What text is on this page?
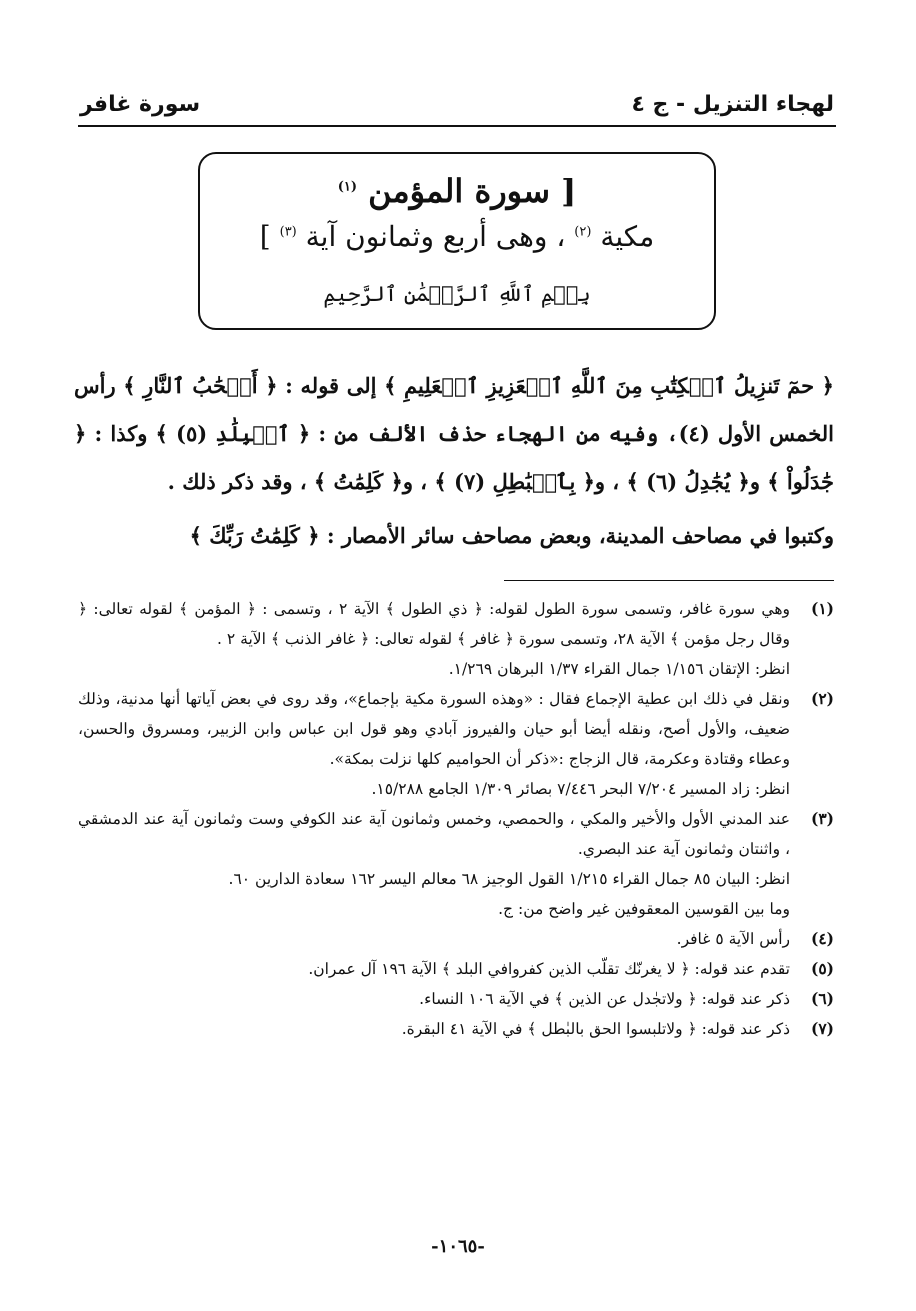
لهجاء التنزيل - ج ٤
سورة غافر
[ سورة المؤمن $^{(١)}$
مكية $^{(٢)}$ ، وهى أربع وثمانون آية $^{(٣)}$ ]
بِسۡمِ ٱللَّهِ ٱلرَّحۡمَٰنِ ٱلرَّحِيمِ

﴿ حمٓ تَنزِيلُ ٱلۡكِتَٰبِ مِنَ ٱللَّهِ ٱلۡعَزِيزِ ٱلۡعَلِيمِ ﴾ إلى قوله : ﴿ أَصۡحَٰبُ ٱلنَّارِ ﴾ رأس الخمس الأول (٤)، وفيه من الهجاء حذف الألف من : ﴿ ٱلۡبِلَٰدِ (٥) ﴾ وكذا : ﴿ جَٰدَلُواْ ﴾ و﴿ يُجَٰدِلُ (٦) ﴾ ، و﴿ بِٱلۡبَٰطِلِ (٧) ﴾ ، و﴿ كَلِمَٰتُ ﴾ ، وقد ذكر ذلك .

وكتبوا في مصاحف المدينة، وبعض مصاحف سائر الأمصار : ﴿ كَلِمَٰتُ رَبِّكَ ﴾

(١)

وهي سورة غافر، وتسمى سورة الطول لقوله: ﴿ ذي الطول ﴾ الآية ٢ ، وتسمى : ﴿ المؤمن ﴾ لقوله تعالى: ﴿ وقال رجل مؤمن ﴾ الآية ٢٨، وتسمى سورة ﴿ غافر ﴾ لقوله تعالى: ﴿ غافر الذنب ﴾ الآية ٢ .

انظر: الإتقان ١/١٥٦ جمال القراء ١/٣٧ البرهان ١/٢٦٩.

(٢)

ونقل في ذلك ابن عطية الإجماع فقال : «وهذه السورة مكية بإجماع»، وقد روى في بعض آياتها أنها مدنية، وذلك ضعيف، والأول أصح، ونقله أيضا أبو حيان والفيروز آبادي وهو قول ابن عباس وابن الزبير، ومسروق والحسن، وعطاء وقتادة وعكرمة، قال الزجاج :«ذكر أن الحواميم كلها نزلت بمكة».

انظر: زاد المسير ٧/٢٠٤ البحر ٧/٤٤٦ بصائر ١/٣٠٩ الجامع ١٥/٢٨٨.

(٣)

عند المدني الأول والأخير والمكي ، والحمصي، وخمس وثمانون آية عند الكوفي وست وثمانون آية عند الدمشقي ، واثنتان وثمانون آية عند البصري.

انظر: البيان ٨٥ جمال القراء ١/٢١٥ القول الوجيز ٦٨ معالم اليسر ١٦٢ سعادة الدارين ٦٠.

وما بين القوسين المعقوفين غير واضح من: ج.

(٤)

رأس الآية ٥ غافر.

(٥)

تقدم عند قوله: ﴿ لا يغرنّك تقلّب الذين كفروافي البلد ﴾ الآية ١٩٦ آل عمران.

(٦)

ذكر عند قوله: ﴿ ولاتجٰدل عن الذين ﴾ في الآية ١٠٦ النساء.

(٧)

ذكر عند قوله: ﴿ ولاتلبسوا الحق بالبٰطل ﴾ في الآية ٤١ البقرة.

-١٠٦٥-
